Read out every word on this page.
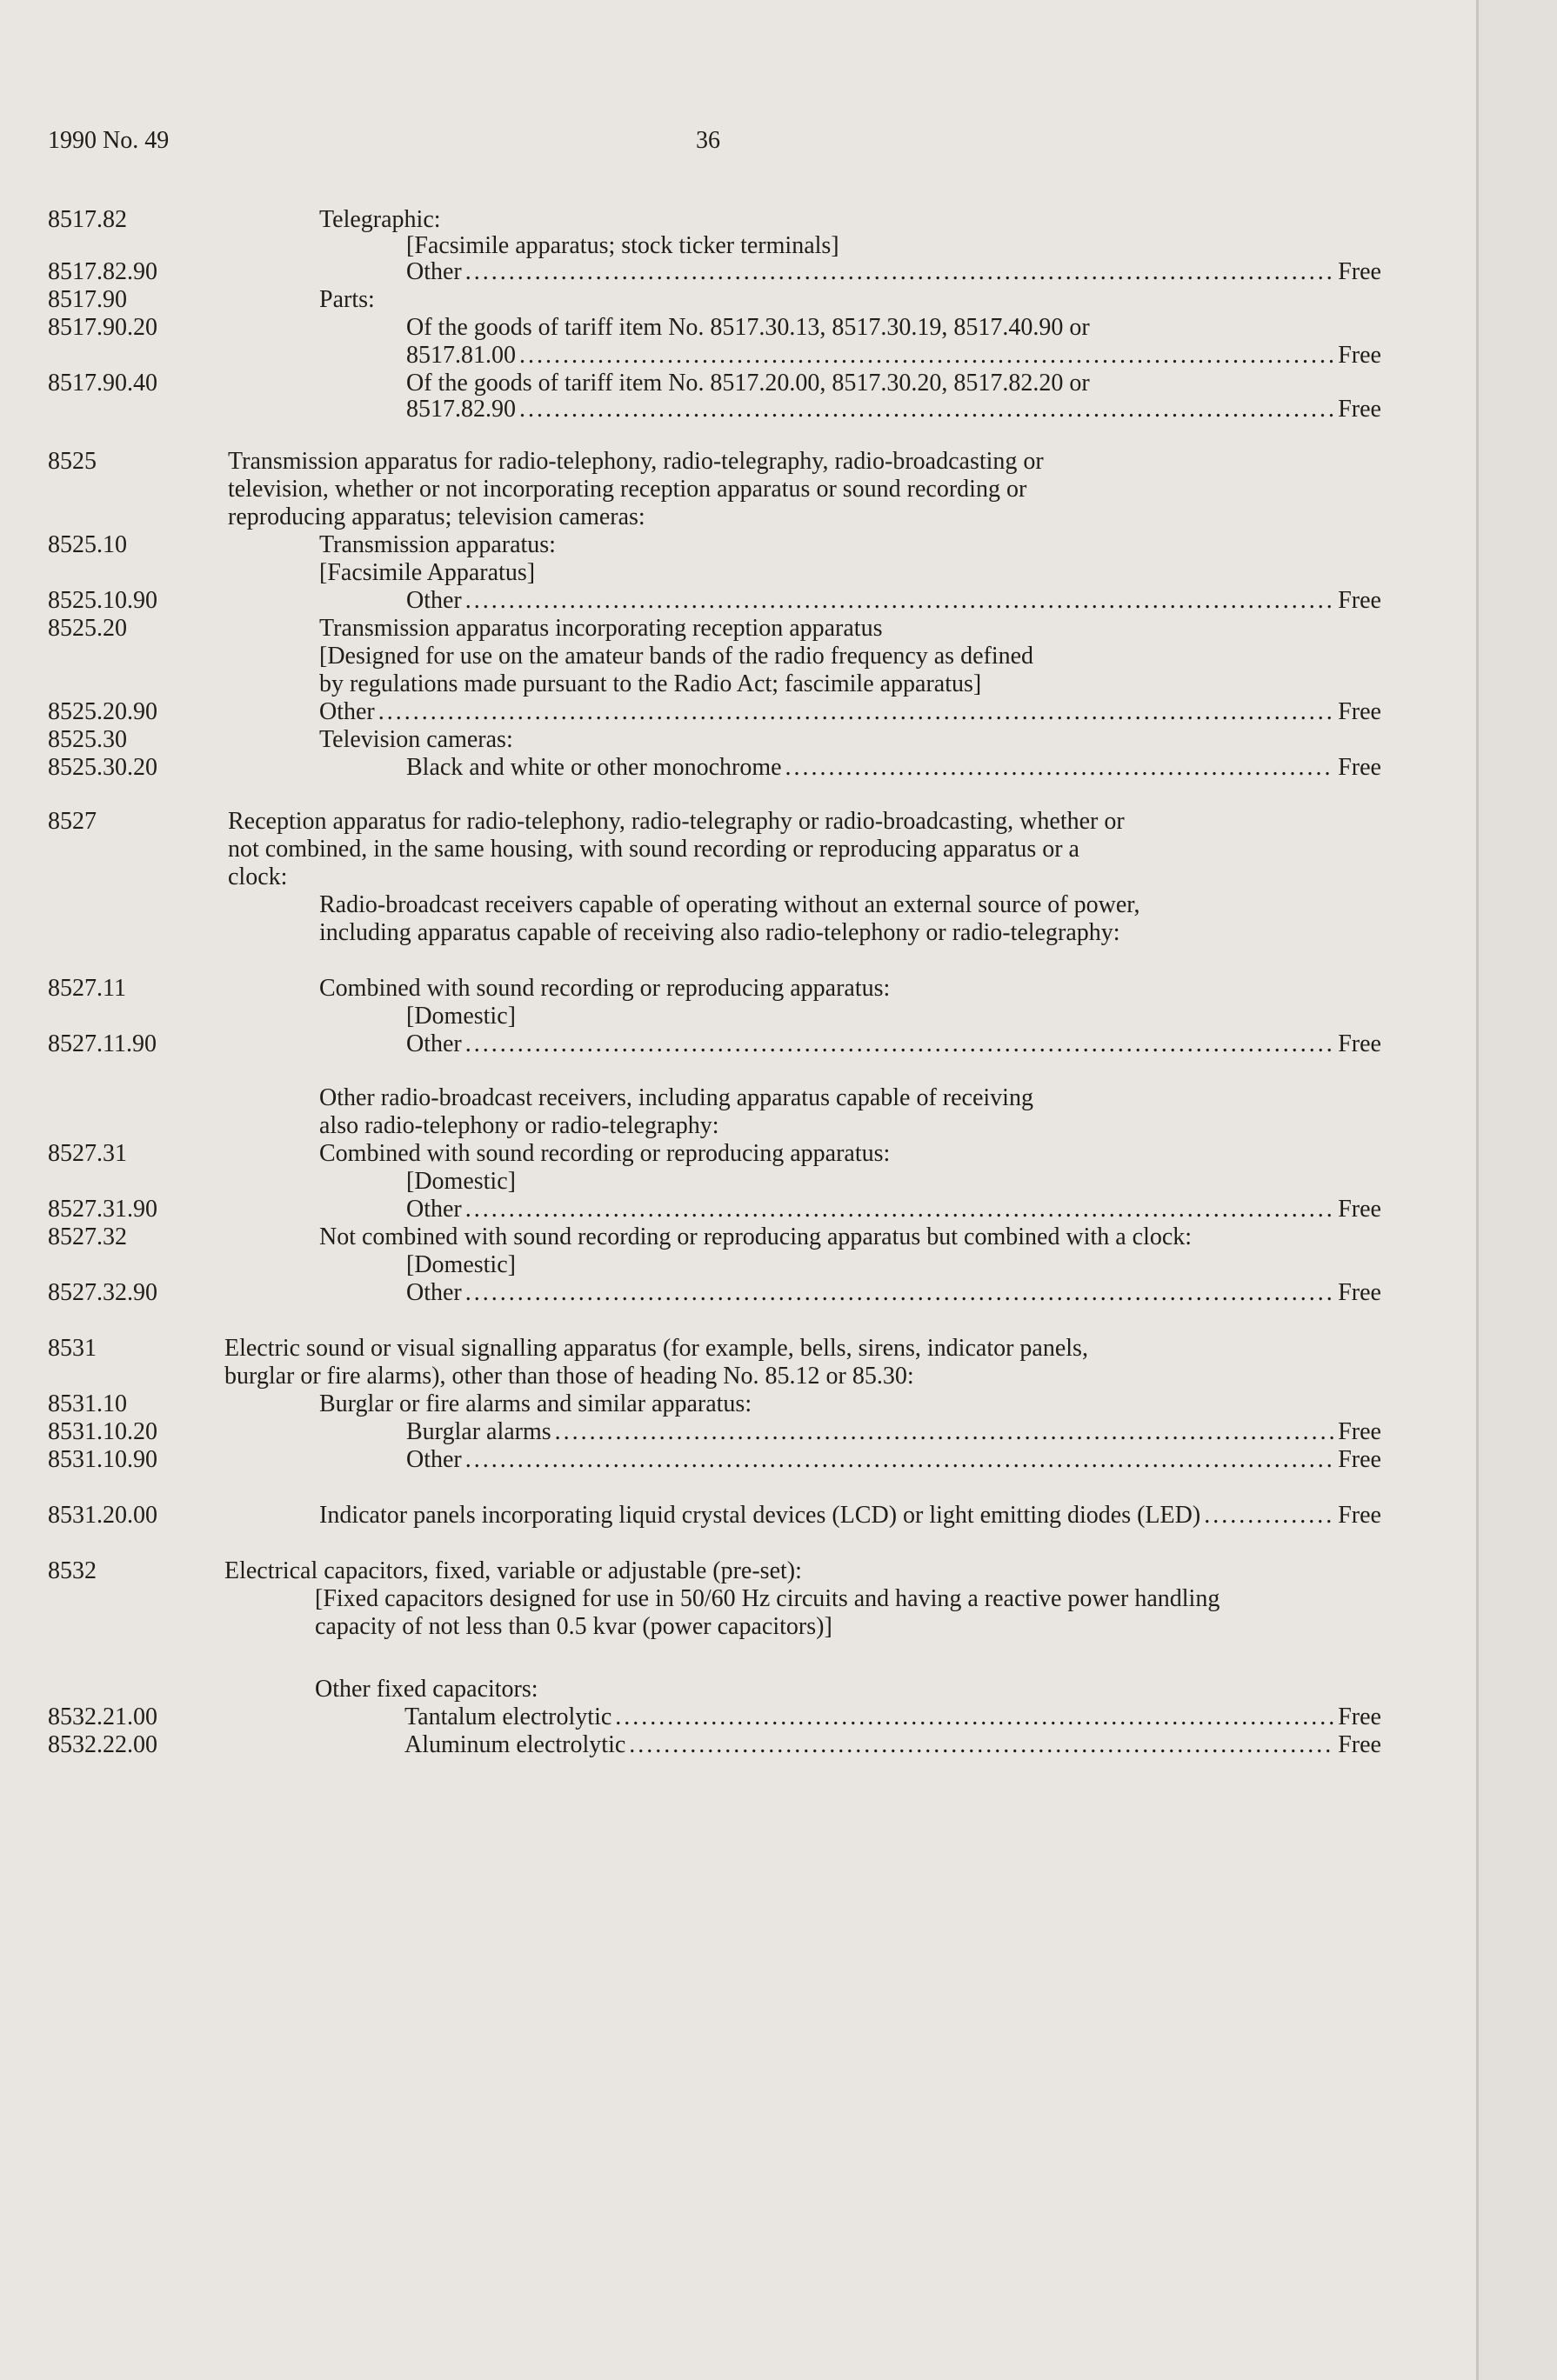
1990 No. 49	36
8517.82	Telegraphic:
[Facsimile apparatus; stock ticker terminals]
8517.82.90	Other . . .	Free
8517.90	Parts:
8517.90.20	Of the goods of tariff item No. 8517.30.13, 8517.30.19, 8517.40.90 or
8517.81.00 . . .	Free
8517.90.40	Of the goods of tariff item No. 8517.20.00, 8517.30.20, 8517.82.20 or
8517.82.90 . . .	Free
8525	Transmission apparatus for radio-telephony, radio-telegraphy, radio-broadcasting or
television, whether or not incorporating reception apparatus or sound recording or
reproducing apparatus; television cameras:
8525.10	Transmission apparatus:
[Facsimile Apparatus]
8525.10.90	Other . . .	Free
8525.20	Transmission apparatus incorporating reception apparatus
[Designed for use on the amateur bands of the radio frequency as defined
by regulations made pursuant to the Radio Act; fascimile apparatus]
8525.20.90	Other . . .	Free
8525.30	Television cameras:
8525.30.20	Black and white or other monochrome . . .	Free
8527	Reception apparatus for radio-telephony, radio-telegraphy or radio-broadcasting, whether or
not combined, in the same housing, with sound recording or reproducing apparatus or a
clock:
Radio-broadcast receivers capable of operating without an external source of power,
including apparatus capable of receiving also radio-telephony or radio-telegraphy:
8527.11	Combined with sound recording or reproducing apparatus:
[Domestic]
8527.11.90	Other . . .	Free
Other radio-broadcast receivers, including apparatus capable of receiving
also radio-telephony or radio-telegraphy:
8527.31	Combined with sound recording or reproducing apparatus:
[Domestic]
8527.31.90	Other . . .	Free
8527.32	Not combined with sound recording or reproducing apparatus but combined with a clock:
[Domestic]
8527.32.90	Other . . .	Free
8531	Electric sound or visual signalling apparatus (for example, bells, sirens, indicator panels,
burglar or fire alarms), other than those of heading No. 85.12 or 85.30:
8531.10	Burglar or fire alarms and similar apparatus:
8531.10.20	Burglar alarms . . .	Free
8531.10.90	Other . . .	Free
8531.20.00	Indicator panels incorporating liquid crystal devices (LCD) or light emitting diodes (LED) . . .	Free
8532	Electrical capacitors, fixed, variable or adjustable (pre-set):
[Fixed capacitors designed for use in 50/60 Hz circuits and having a reactive power handling
capacity of not less than 0.5 kvar (power capacitors)]
Other fixed capacitors:
8532.21.00	Tantalum electrolytic . . .	Free
8532.22.00	Aluminum electrolytic . . .	Free
